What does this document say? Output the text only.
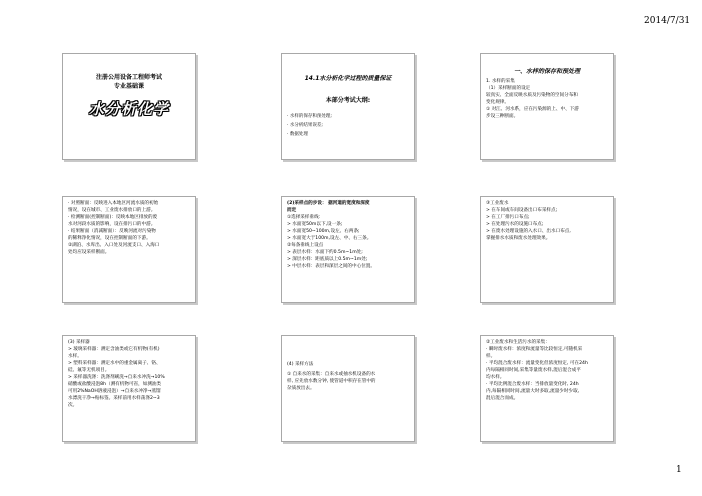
2014/7/31
注册公用设备工程师考试
专业基础课
水分析化学
14.1水分析化学过程的质量保证
本部分考试大纲:
· 水样的保存和预处理;
· 水分析结果误差;
· 数据处理
一、水样的保存和预处理
1. 水样的采集
（1）采样断面的设定
较真实、全面反映水质及污染物的空间分布和
变化规律。
① 对江、河水系，应在污染源的上、中、下游
步设三种断面。
· 对照断面：反映进入本地区河流水质的初始
情况，设在城市、工业废水排放口的上游。
· 检测断面(控制断面)：反映本地区排放的废
水对河段水质的影响，设在排污口的中游。
· 结果断面（消减断面）：反映河流对污染物
的稀释净化情况，设在控制断面的下游。
②湖泊、水库出、入口处及河流支口、入海口
处均应设采样断面。
(2)采样点的步设： 据河道的宽度和深度
而定
①选择采样垂线：
> 水面宽50m以下,设一条;
> 水面宽50~100m,设左、右两条;
> 水面宽大于100m,设左、中、右三条。
②每条垂线上设点
> 表层水样：水面下约0.5m~1m处;
> 深层水样：距底质以上0.5m~1m处;
> 中层水样：表层和深层之间的中心位置。
③工业废水
> 在车间或车间设备出口布采样点;
> 在工厂排污口布点;
> 在处理污水的设施口布点;
> 在废水处理设施的入水口、出水口布点,
掌握排水水质和废水处理效果。
(3) 采样器
> 玻璃采样器：测定含油类或它有机物(有机)
水样。
> 塑料采样器：测定水中的重金属离子、铬、
硅、氟等无机项目。
> 采样器洗涤：洗涤剂刷洗→自来水冲洗→10%
硝酸或盐酸浸泡8h（测有机物可省，如测油类
可用2%NaOH溶液浸泡）→自来水冲净→蒸馏
水漂洗干净→贴标签。采样前用水样荡涤2~3
次。
(4) 采样方法
① 自来水的采集：自来水或抽水机设备的水
样, 应先放水数分钟, 使管道中积存在管中的
杂质放出去。
②工业废水和生活污水的采集：
· 瞬时废水样：浓度和流量等比较恒定,可随机采
样。
· 平均混合废水样：流量变化但浓度恒定, 可在24h
内每隔相同时间,采集等量废水样,混后混合成平
均水样。
· 平均比例混合废水样：当排放量变化时, 24h
内,每隔相同时间,流量大时多取,流量少时少取,
混后混合而成。
1
